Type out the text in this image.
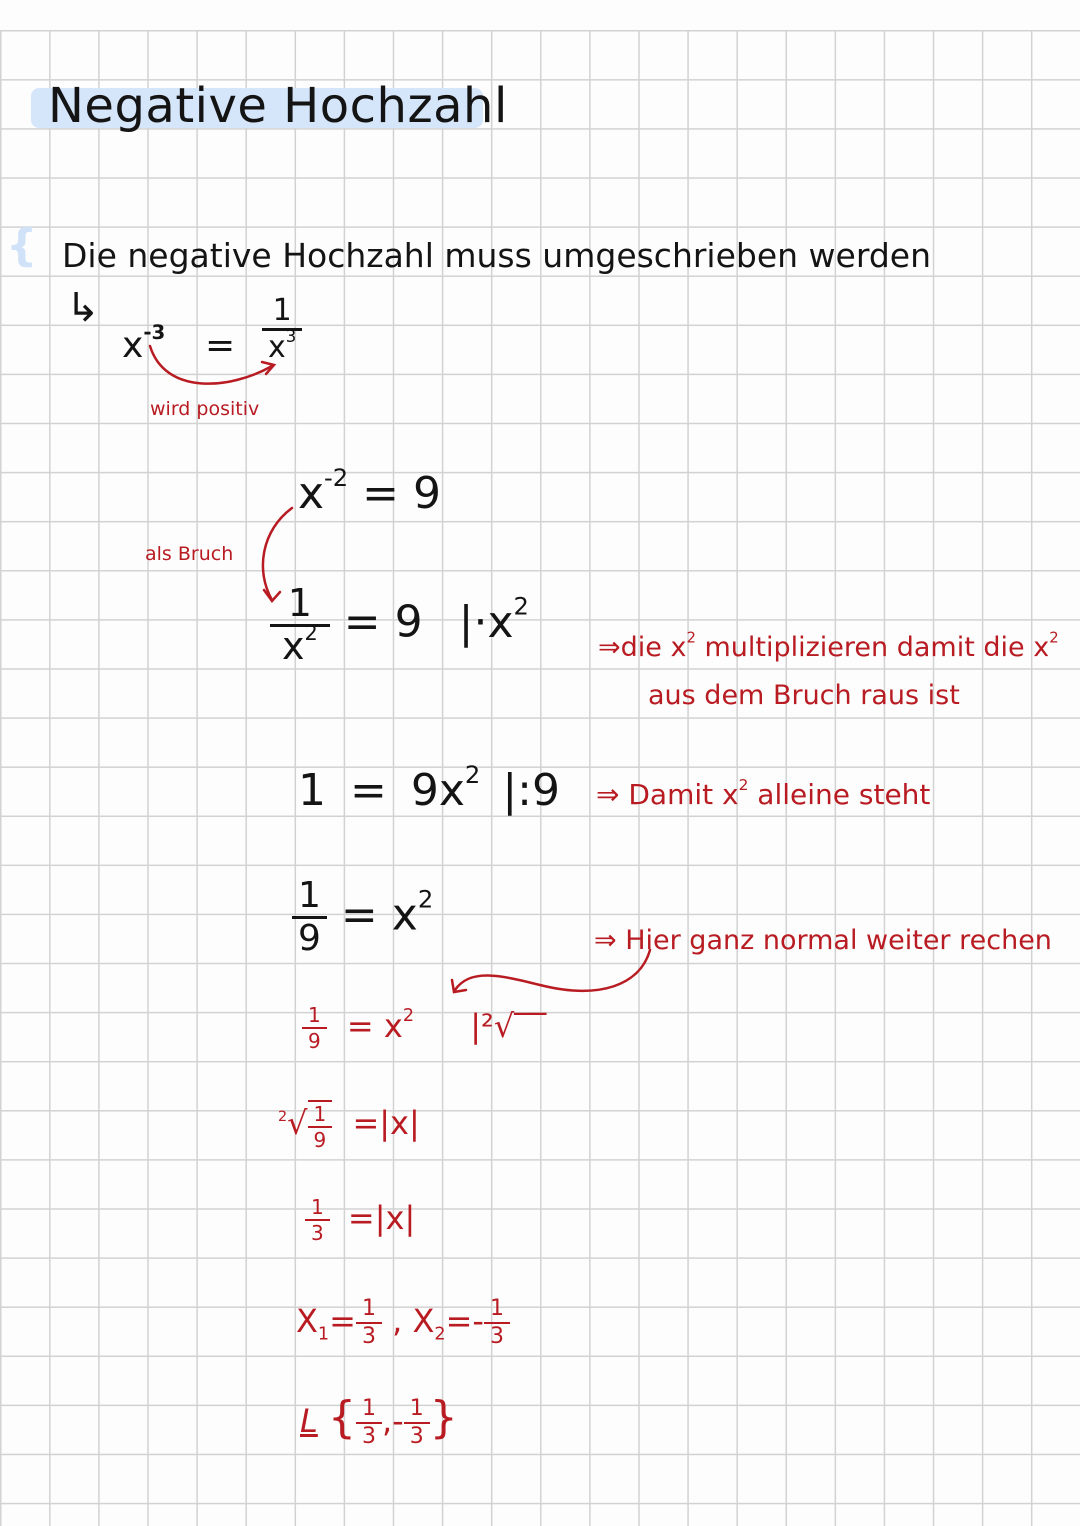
Negative Hochzahl
{ Die negative Hochzahl muss umgeschrieben werden
↳
$x^{-3} = \frac{1}{x^3}$
wird positiv
$x^{-2} = 9$
als Bruch
$\frac{1}{x^2} = 9$ $|\cdot x^2$
⇒die $x^2$ multiplizieren damit die $x^2$
aus dem Bruch raus ist
$1 = 9x^2$ |:9 ⇒ Damit $x^2$ alleine steht
$\frac{1}{9} = x^2$
⇒ Hier ganz normal weiter rechen
$\frac{1}{9} = x^2$ |²√‾‾
$^2√ \frac{1}{9} =|x|$
$\frac{1}{3} =|x|$
$X_1= \frac{1}{3}$ , $X_2=- \frac{1}{3}$
L { $\frac{1}{3}$ ,- $\frac{1}{3}$ }
